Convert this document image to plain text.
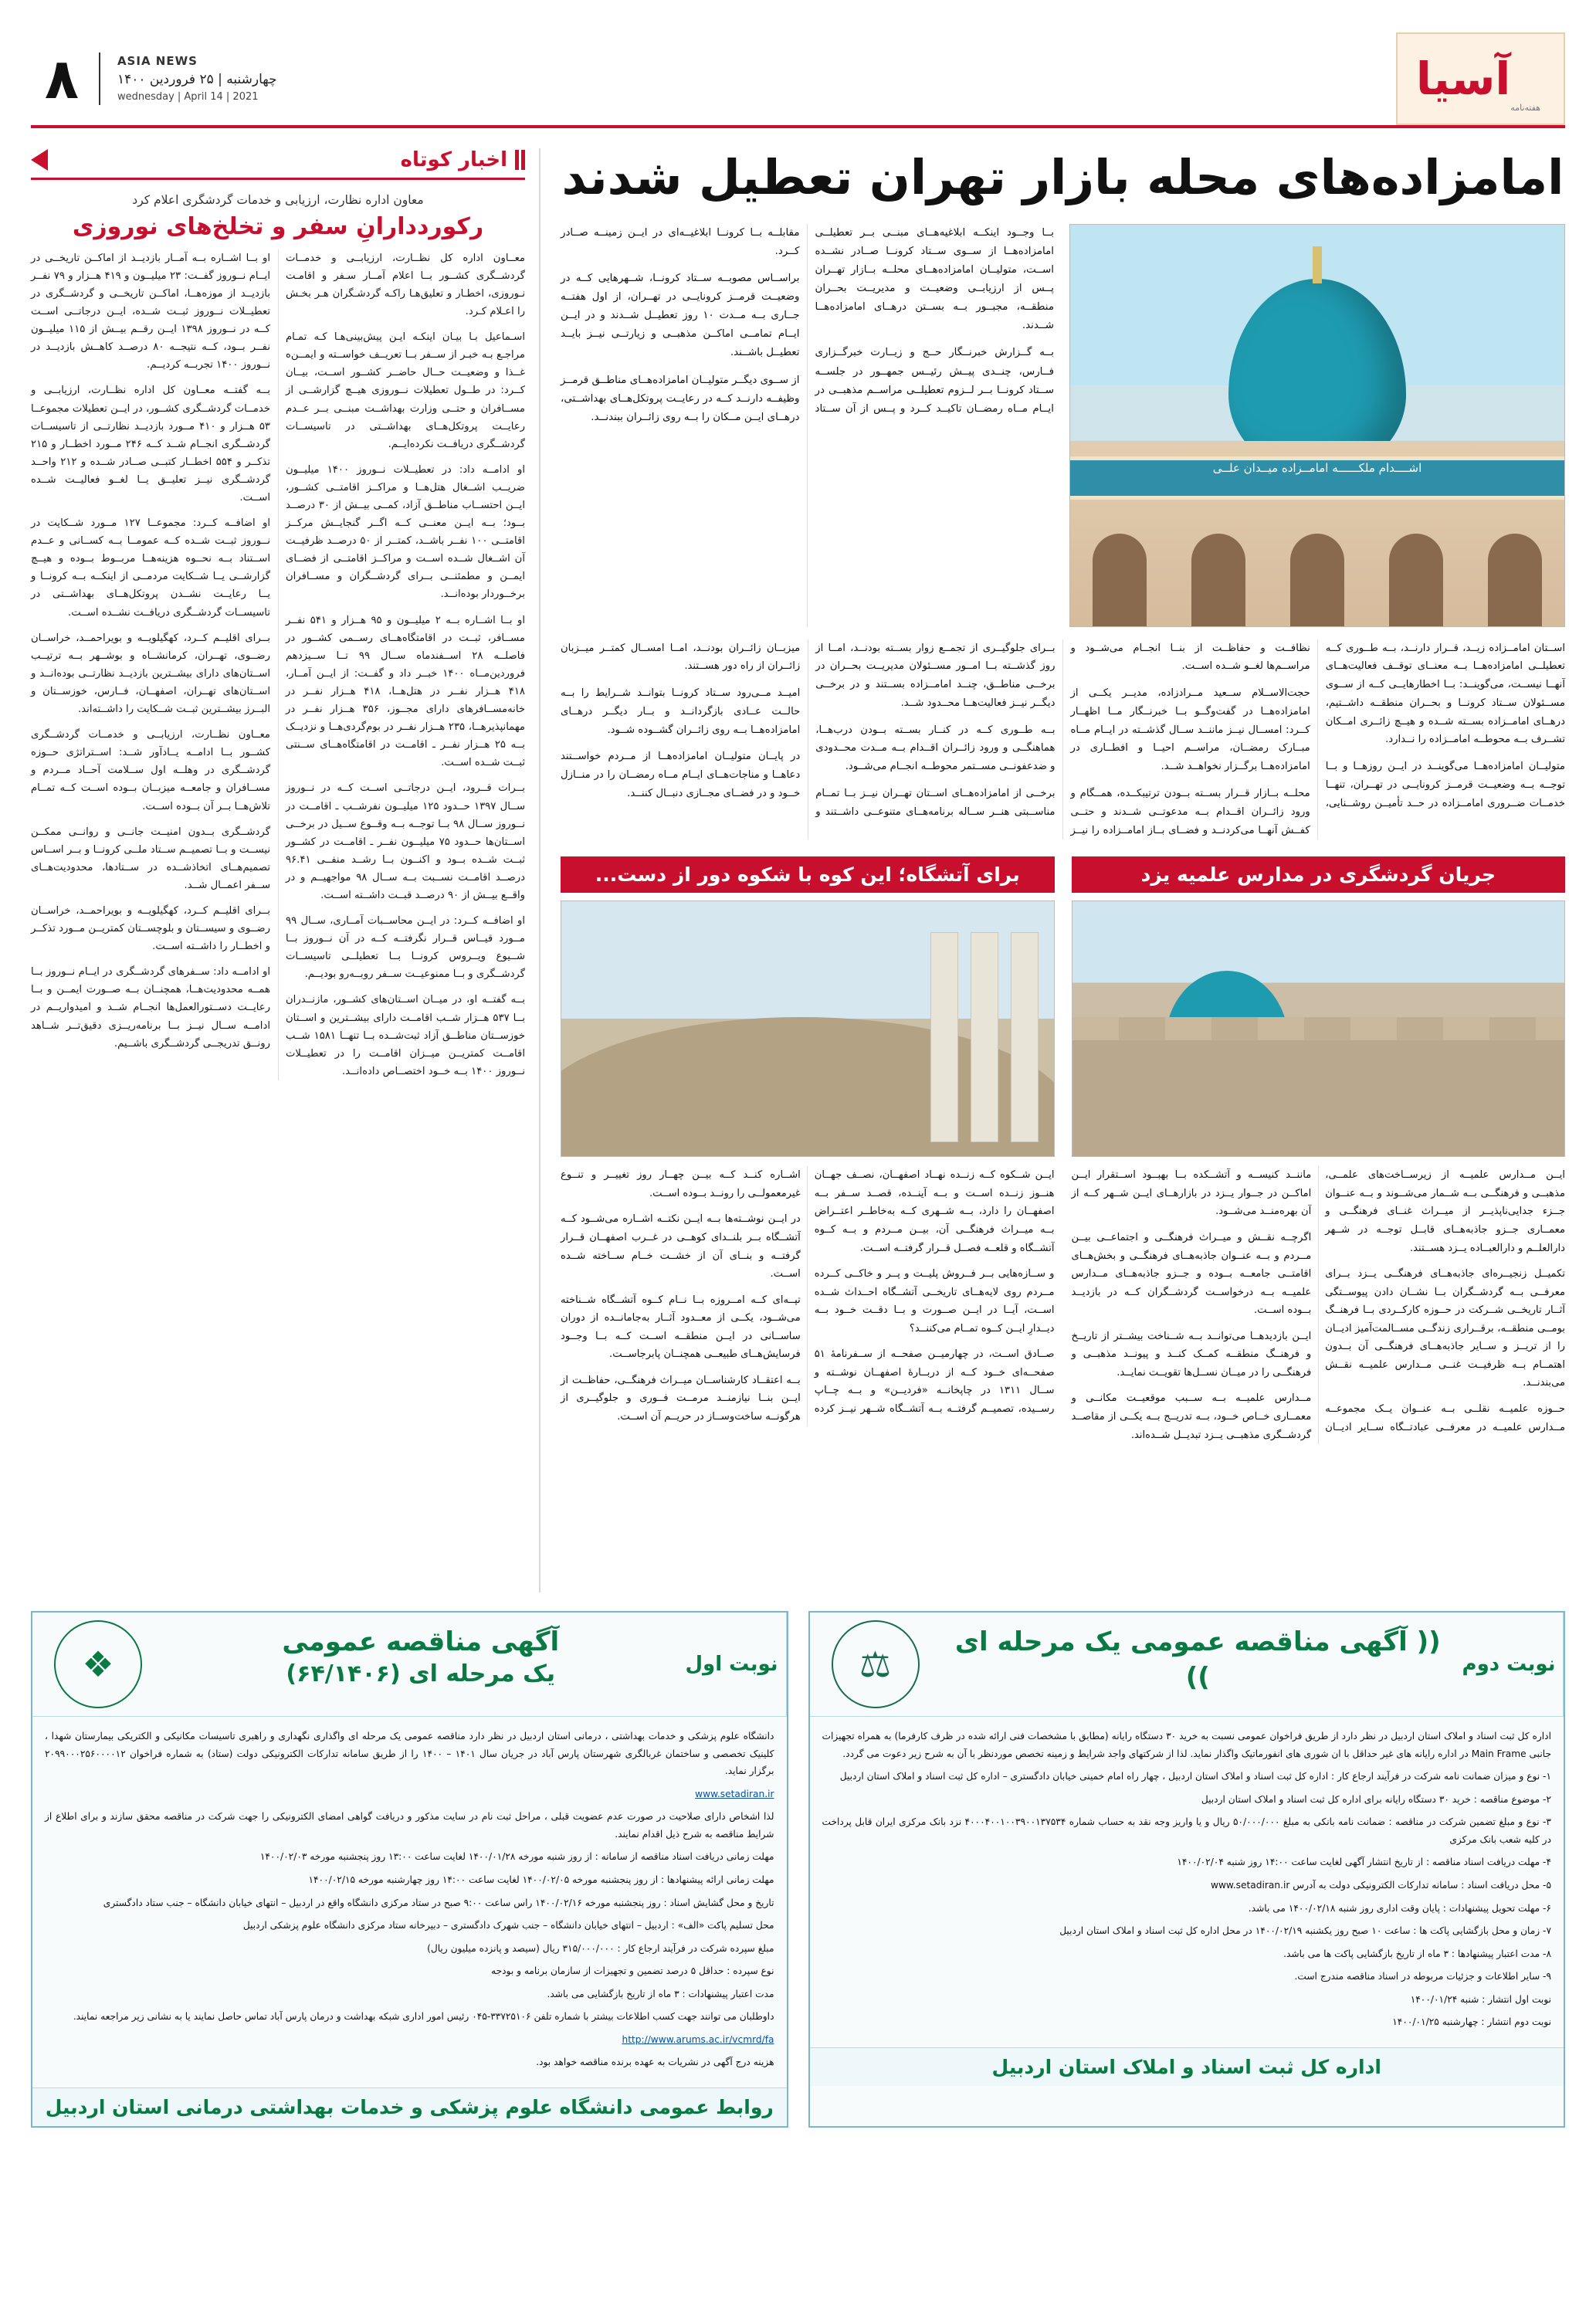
هفته‌نامه
آسیا
ASIA NEWS
چهارشنبه | ۲۵ فروردین ۱۴۰۰
wednesday | April 14 | 2021
۸
امامزاده‌های محله بازار تهران تعطیل شدند
اشــــدام ملکــــــه امامــزاده میــدان علــی

بــا وجــود اینکــه ابلاغیه‌هــای مبنــی بــر تعطیلــی امامزاده‌هــا از ســوی ســتاد کرونــا صــادر نشــده اســت، متولیــان امامزاده‌هــای محلــه بــازار تهــران پــس از ارزیابــی وضعیــت و مدیریــت بحــران منطقــه، مجبــور بــه بســتن درهــای امامزاده‌هــا شــدند.

بــه گــزارش خبرنــگار حــج و زیــارت خبرگــزاری فــارس، چنــدی پیــش رئیــس جمهــور در جلســه ســتاد کرونــا بــر لــزوم تعطیلــی مراســم مذهبــی در ایــام مــاه رمضــان تاکیــد کــرد و پــس از آن ســتاد مقابلــه بــا کرونــا ابلاغیــه‌ای در ایــن زمینــه صــادر کــرد.

براســاس مصوبــه ســتاد کرونــا، شــهرهایی کــه در وضعیــت قرمــز کرونایــی در تهــران، از اول هفتــه جــاری بــه مــدت ۱۰ روز تعطیــل شــدند و در ایــن ایــام تمامــی اماکــن مذهبــی و زیارتــی نیــز بایــد تعطیــل باشــند.

از ســوی دیگــر متولیــان امامزاده‌هــای مناطــق قرمــز وظیفــه دارنــد کــه در رعایــت پروتکل‌هــای بهداشــتی، درهــای ایــن مــکان را بــه روی زائــران ببندنــد.

اســتان امامــزاده زیــد، قــرار دارنــد، بــه طــوری کــه تعطیلــی امامزاده‌هــا بــه معنــای توقــف فعالیت‌هــای آنهــا نیســت، می‌گوینــد: بــا اخطارهایــی کــه از ســوی مســئولان ســتاد کرونــا و بحــران منطقــه داشــتیم، درهــای امامــزاده بســته شــده و هیــچ زائــری امــکان تشــرف بــه محوطــه امامــزاده را نــدارد.

متولیــان امامزاده‌هــا می‌گوینــد در ایــن روزهــا و بــا توجــه بــه وضعیــت قرمــز کرونایــی در تهــران، تنهــا خدمــات ضــروری امامــزاده در حــد تأمیــن روشــنایی، نظافــت و حفاظــت از بنــا انجــام می‌شــود و مراســم‌ها لغــو شــده اســت.

حجت‌الاســلام ســعید مــرادزاده، مدیــر یکــی از امامزاده‌هــا در گفت‌وگــو بــا خبرنــگار مــا اظهــار کــرد: امســال نیــز ماننــد ســال گذشــته در ایــام مــاه مبــارک رمضــان، مراســم احیــا و افطــاری در امامزاده‌هــا برگــزار نخواهــد شــد.

محلــه بــازار قــرار بســته بــودن ترتیبکــده، همــگام و ورود زائــران اقــدام بــه مدعوتــی شــدند و حتــی کفــش آنهــا می‌کردنــد و فضــای بــاز امامــزاده را نیــز بــرای جلوگیــری از تجمــع زوار بســته بودنــد، امــا از روز گذشــته بــا امــور مســئولان مدیریــت بحــران در برخــی مناطــق، چنــد امامــزاده بســتند و در برخــی دیگــر نیــز فعالیت‌هــا محــدود شــد.

بــه طــوری کــه در کنــار بســته بــودن درب‌هــا، هماهنگــی و ورود زائــران اقــدام بــه مــدت محــدودی و ضدعفونــی مســتمر محوطــه انجــام می‌شــود.

برخــی از امامزاده‌هــای اســتان تهــران نیــز بــا تمــام مناســبتی هنــر ســاله برنامه‌هــای متنوعــی داشــتند و میزبــان زائــران بودنــد، امــا امســال کمتــر میــزبان زائــران از راه دور هســتند.

امیــد مــی‌رود ســتاد کرونــا بتوانــد شــرایط را بــه حالــت عــادی بازگردانــد و بــار دیگــر درهــای امامزاده‌هــا بــه روی زائــران گشــوده شــود.

در پایــان متولیــان امامزاده‌هــا از مــردم خواســتند دعاهــا و مناجات‌هــای ایــام مــاه رمضــان را در منــازل خــود و در فضــای مجــازی دنبــال کننــد.

جریان گردشگری در مدارس علمیه یزد

ایــن مــدارس علمیــه از زیرســاخت‌های علمــی، مذهبــی و فرهنگــی بــه شــمار می‌شــوند و بــه عنــوان جــزء جدایی‌ناپذیــر از میــراث غنــای فرهنگــی و معمــاری جــزو جاذبه‌هــای قابــل توجــه در شــهر دارالعلــم و دارالعبــاده یــزد هســتند.

تکمیــل زنجیــره‌ای جاذبه‌هــای فرهنگــی یــزد بــرای معرفــی بــه گردشــگران بــا نشــان دادن پیوســتگی آثــار تاریخــی شــرکت در حــوزه کارکــردی بــا فرهنــگ بومــی منطقــه، برقــراری زندگــی مســالمت‌آمیز ادیــان را از تریــز و ســایر جاذبه‌هــای فرهنگــی آن بــدون اهتمــام بــه ظرفیــت غنــی مــدارس علمیــه نقــش می‌بندنــد.

حــوزه علمیــه نقلــی بــه عنــوان یــک مجموعــه مــدارس علمیــه در معرفــی عبادتــگاه ســایر ادیــان ماننــد کنیســه و آتشــکده بــا بهبــود اســتقرار ایــن اماکــن در جــوار یــزد در بازارهــای ایــن شــهر کــه از آن بهره‌منــد می‌شــود.

اگرچــه نقــش و میــراث فرهنگــی و اجتماعــی بیــن مــردم و بــه عنــوان جاذبه‌هــای فرهنگــی و بخش‌هــای اقامتــی جامعــه بــوده و جــزو جاذبه‌هــای مــدارس علمیــه بــه درخواســت گردشــگران کــه در بازدیــد بــوده اســت.

ایــن بازدیدهــا می‌توانــد بــه شــناخت بیشــتر از تاریــخ و فرهنــگ منطقــه کمــک کنــد و پیونــد مذهبــی و فرهنگــی را در میــان نســل‌ها تقویــت نمایــد.

مــدارس علمیــه بــه ســبب موقعیــت مکانــی و معمــاری خــاص خــود، بــه تدریــج بــه یکــی از مقاصــد گردشــگری مذهبــی یــزد تبدیــل شــده‌اند.

برای آتشگاه؛ این کوه با شکوه دور از دست...

ایــن شــکوه کــه زنــده نهــاد اصفهــان، نصــف جهــان هنــوز زنــده اســت و بــه آینــده، قصــد ســفر بــه اصفهــان را دارد، بــه شــهری کــه به‌خاطــر اعتــراض بــه میــراث فرهنگــی آن، بیــن مــردم و بــه کــوه آتشــگاه و قلعــه فصــل قــرار گرفتــه اســت.

و ســازه‌هایی بــر فــروش پلیــت و پــر و خاکــی کــرده مــردم روی لایه‌هــای تاریخــی آتشــگاه احــداث شــده اســت، آیــا در ایــن صــورت و بــا دقــت خــود بــه دیــدارِ ایــن کــوه تمــام می‌کننــد؟

صــادق اســت، در چهارمیــن صفحــه از ســفرنامهٔ ۵۱ صفحــه‌ای خــود کــه از دربــارهٔ اصفهــان نوشــته و ســال ۱۳۱۱ در چاپخانــه «فردیــن» و بــه چــاپ رســیده، تصمیــم گرفتــه بــه آتشــگاه شــهر نیــز کرده اشــاره کنــد کــه بیــن چهــار روز تغییــر و تنــوع غیرمعمولــی را رونــد بــوده اســت.

در ایــن نوشــته‌ها بــه ایــن نکتــه اشــاره می‌شــود کــه آتشــگاه بــر بلنــدای کوهــی در غــرب اصفهــان قــرار گرفتــه و بنــای آن از خشــت خــام ســاخته شــده اســت.

تپــه‌ای کــه امــروزه بــا نــام کــوه آتشــگاه شــناخته می‌شــود، یکــی از معــدود آثــار به‌جامانــده از دوران ساســانی در ایــن منطقــه اســت کــه بــا وجــود فرسایش‌هــای طبیعــی همچنــان پابرجاســت.

بــه اعتقــاد کارشناســان میــراث فرهنگــی، حفاظــت از ایــن بنــا نیازمنــد مرمــت فــوری و جلوگیــری از هرگونــه ساخت‌وســاز در حریــم آن اســت.

اخبار کوتاه
معاون اداره نظارت، ارزیابی و خدمات گردشگری اعلام کرد
رکورددارانِ سفر و تخلخ‌های نوروزی

معــاون اداره کل نظــارت، ارزیابــی و خدمــات گردشــگری کشــور بــا اعلام آمــار سـفر و اقامـت نـوروزی، اخطـار و تعلیق‌هـا راکـه گردشـگران هـر بخـش را اعـلام کـرد.

اسـماعیل بـا بیـان اینکـه ایـن پیش‌بینی‌هـا کـه تمـام مراجـع بـه خبـر از ســفر بــا تعریــف خواســته و ایمــن‌ه غــذا و وضعیــت حــال حاضــر کشــور اســت، بیــان کــرد: در طــول تعطیلات نــوروزی هیــچ گزارشــی از مســافران و حتــی وزارت بهداشــت مبنــی بــر عــدم رعایــت پروتکل‌هــای بهداشــتی در تاسیســات گردشــگری دریافــت نکرده‌ایــم.

او ادامــه داد: در تعطیــلات نــوروز ۱۴۰۰ میلیــون ضریــب اشــغال هتل‌هــا و مراکــز اقامتــی کشــور، ایــن احتســاب مناطــق آزاد، کمــی بیــش از ۳۰ درصــد بــود؛ بــه ایــن معنــی کــه اگــر گنجایــش مرکــز اقامتــی ۱۰۰ نفــر باشــد، کمتــر از ۵۰ درصــد ظرفیــت آن اشــغال شــده اســت و مراکــز اقامتــی از فضــای ایمــن و مطمئنــی بــرای گردشــگران و مســافران برخــوردار بوده‌انــد.

او بــا اشــاره بــه ۲ میلیــون و ۹۵ هــزار و ۵۴۱ نفــر مســافر، ثبــت در اقامتگاه‌هــای رســمی کشــور در فاصلــه ۲۸ اســفندماه ســال ۹۹ تــا ســیزدهم فروردین‌مــاه ۱۴۰۰ خبــر داد و گفــت: از ایــن آمــار، ۴۱۸ هــزار نفــر در هتل‌هــا، ۴۱۸ هــزار نفــر در خانه‌مســافرهای دارای مجــوز، ۳۵۶ هــزار نفــر در مهمانپذیرهــا، ۲۳۵ هــزار نفــر در بوم‌گردی‌هــا و نزدیــک بــه ۲۵ هــزار نفــر ـ اقامــت در اقامتگاه‌هــای ســنتی ثبــت شــده اســت.

بــرات قــرود، ایــن درجاتــی اســت کــه در نــوروز ســال ۱۳۹۷ حــدود ۱۲۵ میلیــون نفرشــب ـ اقامــت در نــوروز ســال ۹۸ بــا توجــه بــه وقــوع ســیل در برخــی اســتان‌ها حــدود ۷۵ میلیــون نفــر ـ اقامــت در کشــور ثبــت شــده بــود و اکنــون بــا رشــد منفــی ۹۶.۴۱ درصــد اقامــت نســبت بــه ســال ۹۸ مواجهیــم و در واقــع بیــش از ۹۰ درصــد قبــت داشــته اســت.

او اضافــه کــرد: در ایــن محاســبات آمــاری، ســال ۹۹ مــورد قیــاس قــرار نگرفتــه کــه در آن نــوروز بــا شــیوع ویــروس کرونــا بــا تعطیلــی تاسیســات گردشــگری و بــا ممنوعیــت ســفر روبــه‌رو بودیــم.

بــه گفتــه او، در میــان اســتان‌های کشــور، مازنــدران بــا ۵۳۷ هــزار شــب اقامــت دارای بیشــترین و اســتان خوزســتان مناطــق آزاد ثبت‌شــده بــا تنهــا ۱۵۸۱ شــب اقامــت کمتریــن میــزان اقامــت را در تعطیــلات نــوروز ۱۴۰۰ بــه خــود اختصــاص داده‌انــد.

او بــا اشــاره بــه آمــار بازدیــد از اماکــن تاریخــی در ایــام نــوروز گفــت: ۲۳ میلیــون و ۴۱۹ هــزار و ۷۹ نفــر بازدیــد از موزه‌هــا، اماکــن تاریخــی و گردشــگری در تعطیــلات نــوروز ثبــت شــده، ایــن درجاتــی اســت کــه در نــوروز ۱۳۹۸ ایــن رقــم بیــش از ۱۱۵ میلیــون نفــر بــود، کــه نتیجــه ۸۰ درصــد کاهــش بازدیــد در نــوروز ۱۴۰۰ تجربــه کردیــم.

بــه گفتــه معــاون کل اداره نظــارت، ارزیابــی و خدمــات گردشــگری کشــور، در ایــن تعطیلات مجموعــا ۵۳ هــزار و ۴۱۰ مــورد بازدیــد نظارتــی از تاسیســات گردشــگری انجــام شــد کــه ۲۴۶ مــورد اخطــار و ۲۱۵ تذکــر و ۵۵۴ اخطــار کتبــی صــادر شــده و ۲۱۲ واحــد گردشــگری نیــز تعلیــق یــا لغــو فعالیــت شــده اســت.

او اضافــه کــرد: مجموعــا ۱۲۷ مــورد شــکایت در نــوروز ثبــت شــده کــه عمومــا بــه کســانی و عــدم اســتناد بــه نحــوه هزینه‌هــا مربــوط بــوده و هیــچ گزارشــی یــا شــکایت مردمــی از اینکــه بــه کرونــا و یــا رعایــت نشــدن پروتکل‌هــای بهداشــتی در تاسیســات گردشــگری دریافــت نشــده اســت.

بــرای اقلیــم کــرد، کهگیلویــه و بویراحمــد، خراســان رضــوی، تهــران، کرمانشــاه و بوشــهر بــه ترتیــب اســتان‌های دارای بیشــترین بازدیــد نظارتــی بوده‌انــد و اســتان‌های تهــران، اصفهــان، فــارس، خوزســتان و البــرز بیشــترین ثبــت شــکایت را داشــته‌اند.

معــاون نظــارت، ارزیابــی و خدمــات گردشــگری کشــور بــا ادامــه یــادآور شــد: اســتراتژی حــوزه گردشــگری در وهلــه اول ســلامت آحــاد مــردم و مســافران و جامعــه میزبــان بــوده اســت کــه تمــام تلاش‌هــا بــر آن بــوده اســت.

گردشــگری بــدون امنیــت جانــی و روانــی ممکــن نیســت و بــا تصمیــم ســتاد ملــی کرونــا و بــر اســاس تصمیم‌هــای اتخاذشــده در ســتادها، محدودیت‌هــای ســفر اعمــال شــد.

بــرای اقلیــم کــرد، کهگیلویــه و بویراحمــد، خراســان رضــوی و سیســتان و بلوچســتان کمتریــن مــورد تذکــر و اخطــار را داشــته اســت.

او ادامــه داد: ســفرهای گردشــگری در ایــام نــوروز بــا همــه محدودیت‌هــا، همچنــان بــه صــورت ایمــن و بــا رعایــت دســتورالعمل‌ها انجــام شــد و امیدواریــم در ادامــه ســال نیــز بــا برنامه‌ریــزی دقیق‌تــر شــاهد رونــق تدریجــی گردشــگری باشــیم.

نوبت دوم
(( آگهی مناقصه عمومی یک مرحله ای ))
⚖

اداره کل ثبت اسناد و املاک استان اردبیل در نظر دارد از طریق فراخوان عمومی نسبت به خرید ۳۰ دستگاه رایانه (مطابق با مشخصات فنی ارائه شده در ظرف کارفرما) به همراه تجهیزات جانبی Main Frame در اداره رایانه های غیر حداقل با ان شوری های انفورماتیک واگذار نماید. لذا از شرکتهای واجد شرایط و زمینه تخصص موردنظر با آن به شرح زیر دعوت می گردد.

۱- نوع و میزان ضمانت نامه شرکت در فرآیند ارجاع کار : اداره کل ثبت اسناد و املاک استان اردبیل ، چهار راه امام خمینی خیابان دادگستری – اداره کل ثبت اسناد و املاک استان اردبیل

۲- موضوع مناقصه : خرید ۳۰ دستگاه رایانه برای اداره کل ثبت اسناد و املاک استان اردبیل

۳- نوع و مبلغ تضمین شرکت در مناقصه : ضمانت نامه بانکی به مبلغ ۵۰/۰۰۰/۰۰۰ ریال و یا واریز وجه نقد به حساب شماره ۴۰۰۰۴۰۰۱۰۰۳۹۰۰۱۳۷۵۳۴ نزد بانک مرکزی ایران قابل پرداخت در کلیه شعب بانک مرکزی

۴- مهلت دریافت اسناد مناقصه : از تاریخ انتشار آگهی لغایت ساعت ۱۴:۰۰ روز شنبه ۱۴۰۰/۰۲/۰۴

۵- محل دریافت اسناد : سامانه تدارکات الکترونیکی دولت به آدرس www.setadiran.ir

۶- مهلت تحویل پیشنهادات : پایان وقت اداری روز شنبه ۱۴۰۰/۰۲/۱۸ می باشد.

۷- زمان و محل بازگشایی پاکت ها : ساعت ۱۰ صبح روز یکشنبه ۱۴۰۰/۰۲/۱۹ در محل اداره کل ثبت اسناد و املاک استان اردبیل

۸- مدت اعتبار پیشنهادها : ۳ ماه از تاریخ بازگشایی پاکت ها می باشد.

۹- سایر اطلاعات و جزئیات مربوطه در اسناد مناقصه مندرج است.

نوبت اول انتشار : شنبه ۱۴۰۰/۰۱/۲۴

نوبت دوم انتشار : چهارشنبه ۱۴۰۰/۰۱/۲۵

اداره کل ثبت اسناد و املاک استان اردبیل
نوبت اول
آگهی مناقصه عمومی
یک مرحله ای (۶۴/۱۴۰۶)
❖

دانشگاه علوم پزشکی و خدمات بهداشتی ، درمانی استان اردبیل در نظر دارد مناقصه عمومی یک مرحله ای واگذاری نگهداری و راهبری تاسیسات مکانیکی و الکتریکی بیمارستان شهدا ، کلینیک تخصصی و ساختمان غربالگری شهرستان پارس آباد در جریان سال ۱۴۰۱ – ۱۴۰۰ را از طریق سامانه تدارکات الکترونیکی دولت (ستاد) به شماره فراخوان ۲۰۹۹۰۰۰۲۵۶۰۰۰۰۱۲ برگزار نماید.

www.setadiran.ir

لذا اشخاص دارای صلاحیت در صورت عدم عضویت قبلی ، مراحل ثبت نام در سایت مذکور و دریافت گواهی امضای الکترونیکی را جهت شرکت در مناقصه محقق سازند و برای اطلاع از شرایط مناقصه به شرح ذیل اقدام نمایند.

مهلت زمانی دریافت اسناد مناقصه از سامانه : از روز شنبه مورخه ۱۴۰۰/۰۱/۲۸ لغایت ساعت ۱۳:۰۰ روز پنجشنبه مورخه ۱۴۰۰/۰۲/۰۳

مهلت زمانی ارائه پیشنهادها : از روز پنجشنبه مورخه ۱۴۰۰/۰۲/۰۵ لغایت ساعت ۱۴:۰۰ روز چهارشنبه مورخه ۱۴۰۰/۰۲/۱۵

تاریخ و محل گشایش اسناد : روز پنجشنبه مورخه ۱۴۰۰/۰۲/۱۶ راس ساعت ۹:۰۰ صبح در ستاد مرکزی دانشگاه واقع در اردبیل – انتهای خیابان دانشگاه – جنب ستاد دادگستری

محل تسلیم پاکت «الف» : اردبیل – انتهای خیابان دانشگاه – جنب شهرک دادگستری – دبیرخانه ستاد مرکزی دانشگاه علوم پزشکی اردبیل

مبلغ سپرده شرکت در فرآیند ارجاع کار : ۳۱۵/۰۰۰/۰۰۰ ریال (سیصد و پانزده میلیون ریال)

نوع سپرده : حداقل ۵ درصد تضمین و تجهیزات از سازمان برنامه و بودجه

مدت اعتبار پیشنهادات : ۳ ماه از تاریخ بازگشایی می باشد.

داوطلبان می توانند جهت کسب اطلاعات بیشتر با شماره تلفن ۳۳۷۲۵۱۰۶-۰۴۵ رئیس امور اداری شبکه بهداشت و درمان پارس آباد تماس حاصل نمایند یا به نشانی زیر مراجعه نمایند.

http://www.arums.ac.ir/vcmrd/fa

هزینه درج آگهی در نشریات به عهده برنده مناقصه خواهد بود.

روابط عمومی دانشگاه علوم پزشکی و خدمات بهداشتی درمانی استان اردبیل
